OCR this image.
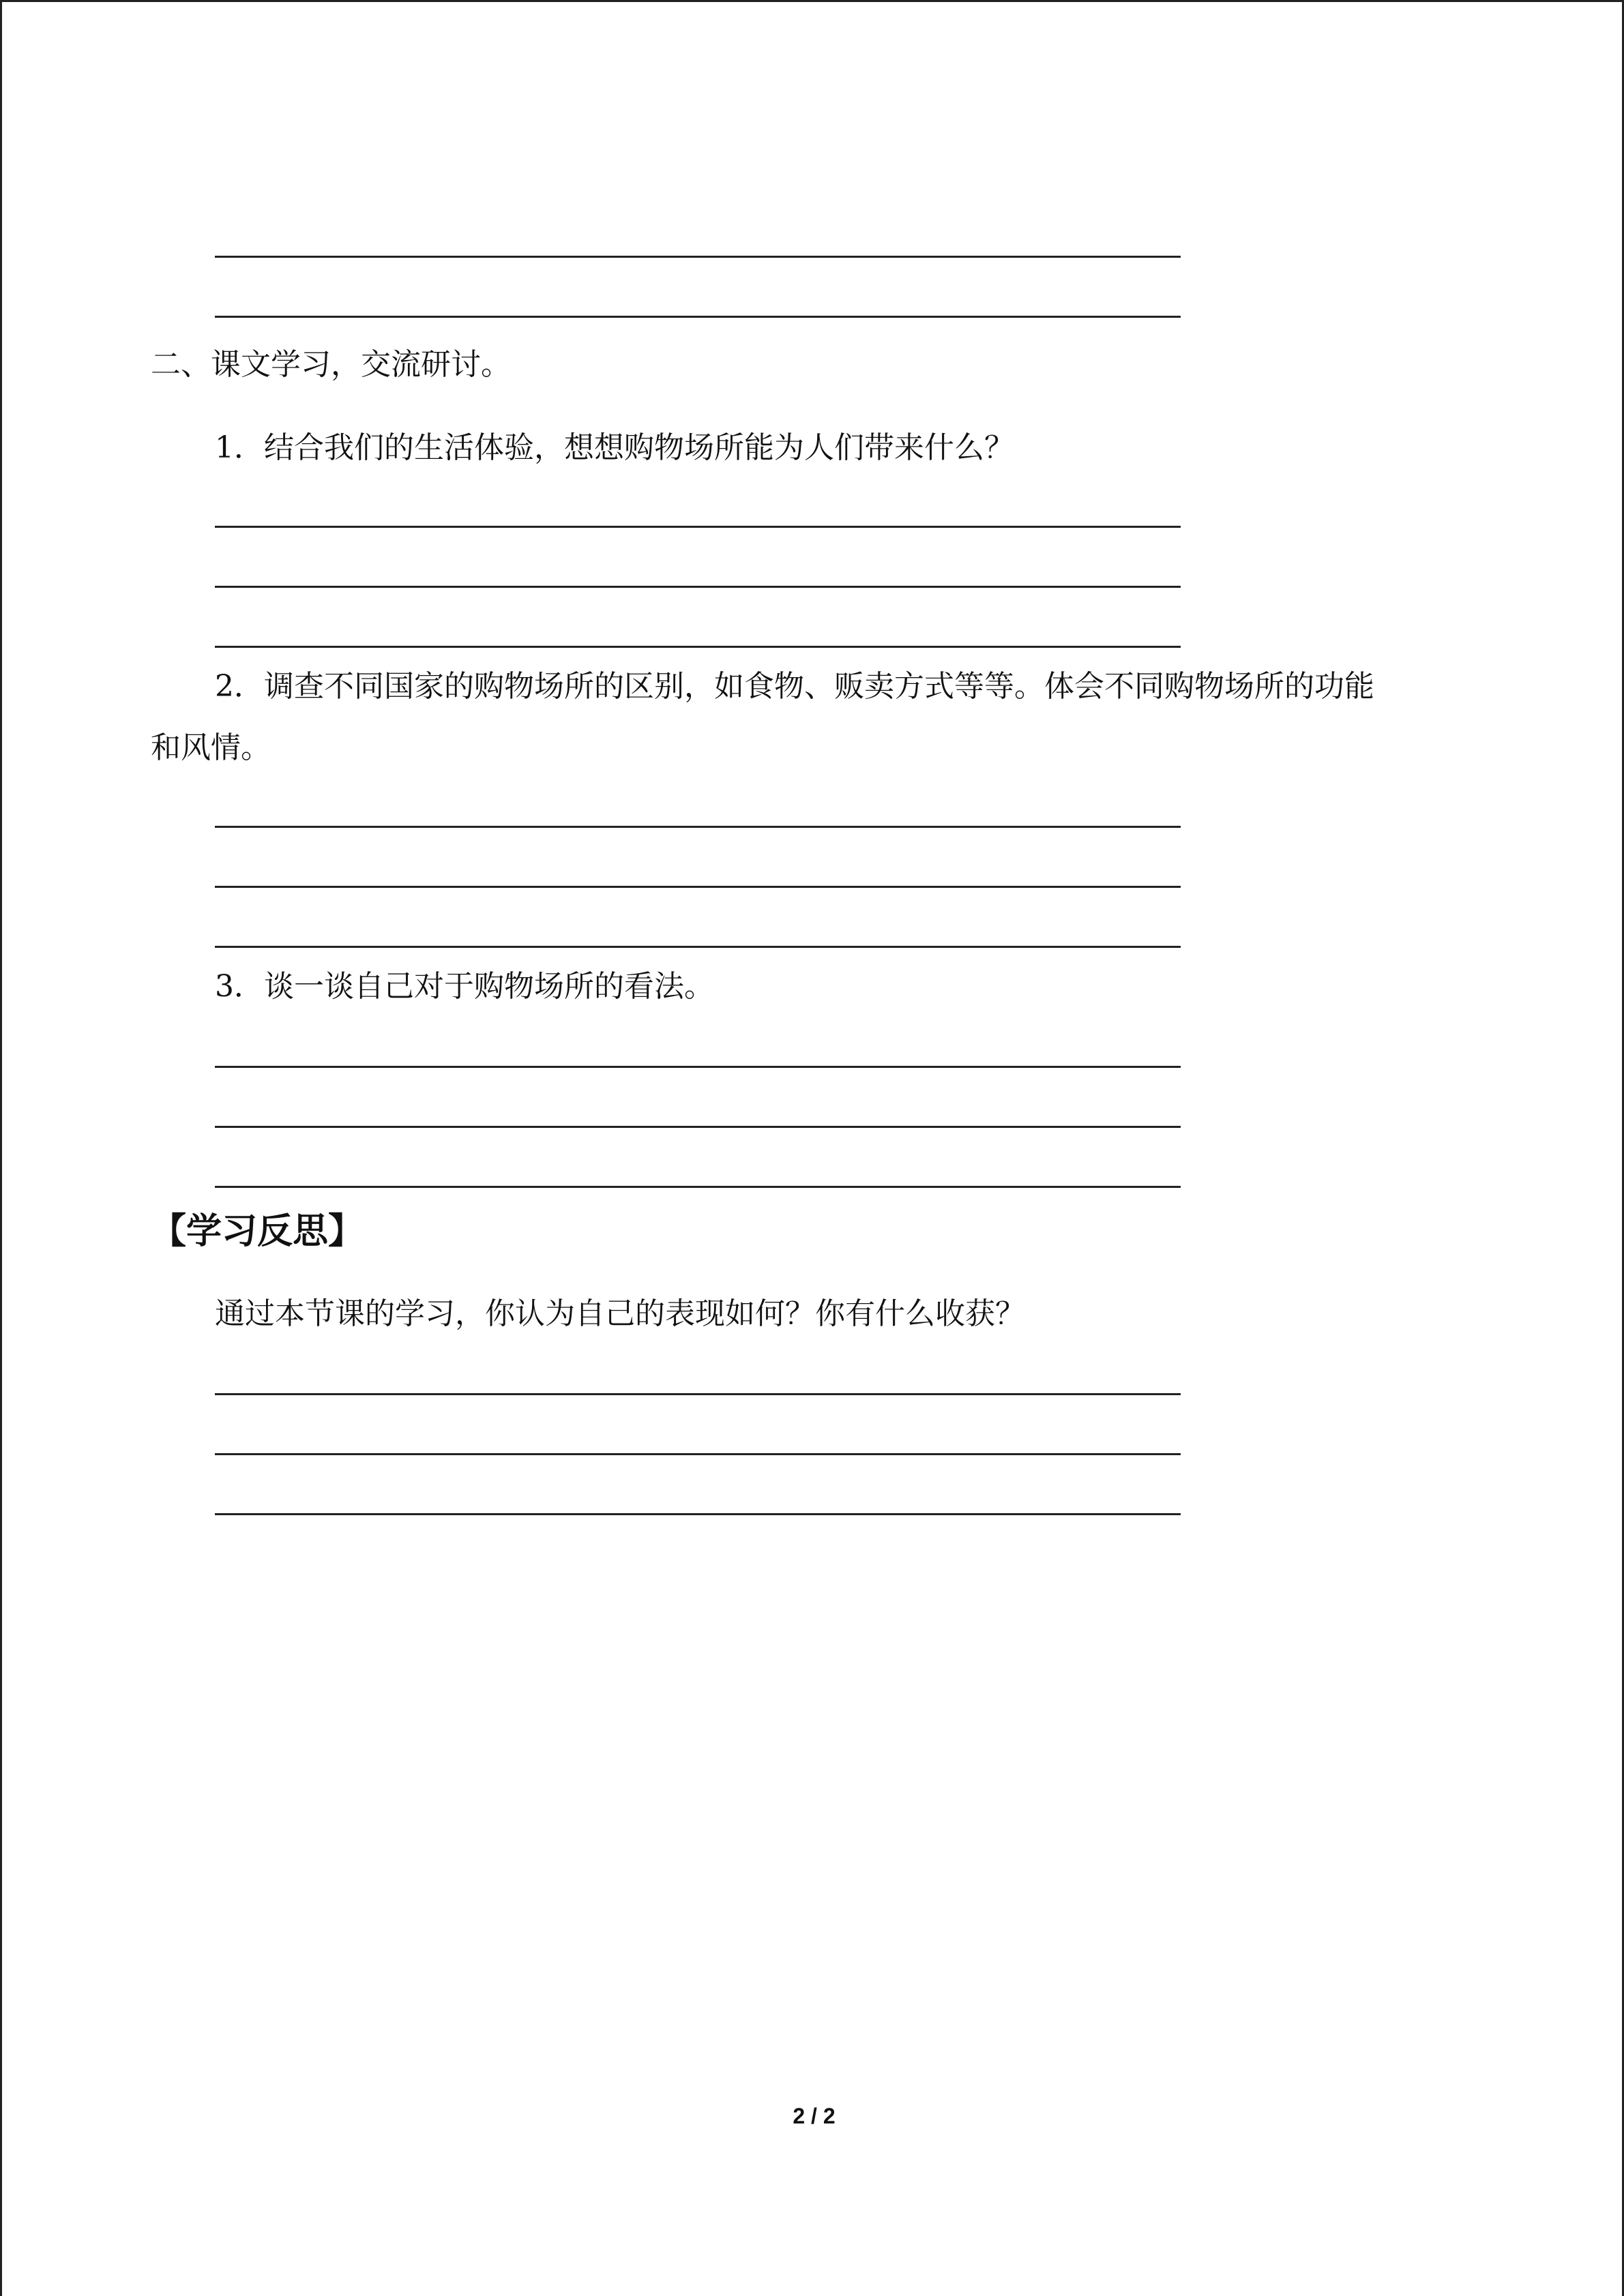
二、课文学习，交流研讨。
1．结合我们的生活体验，想想购物场所能为人们带来什么？
2．调查不同国家的购物场所的区别，如食物、贩卖方式等等。体会不同购物场所的功能
和风情。
3．谈一谈自己对于购物场所的看法。
【学习反思】
通过本节课的学习，你认为自己的表现如何？你有什么收获？
2 / 2
